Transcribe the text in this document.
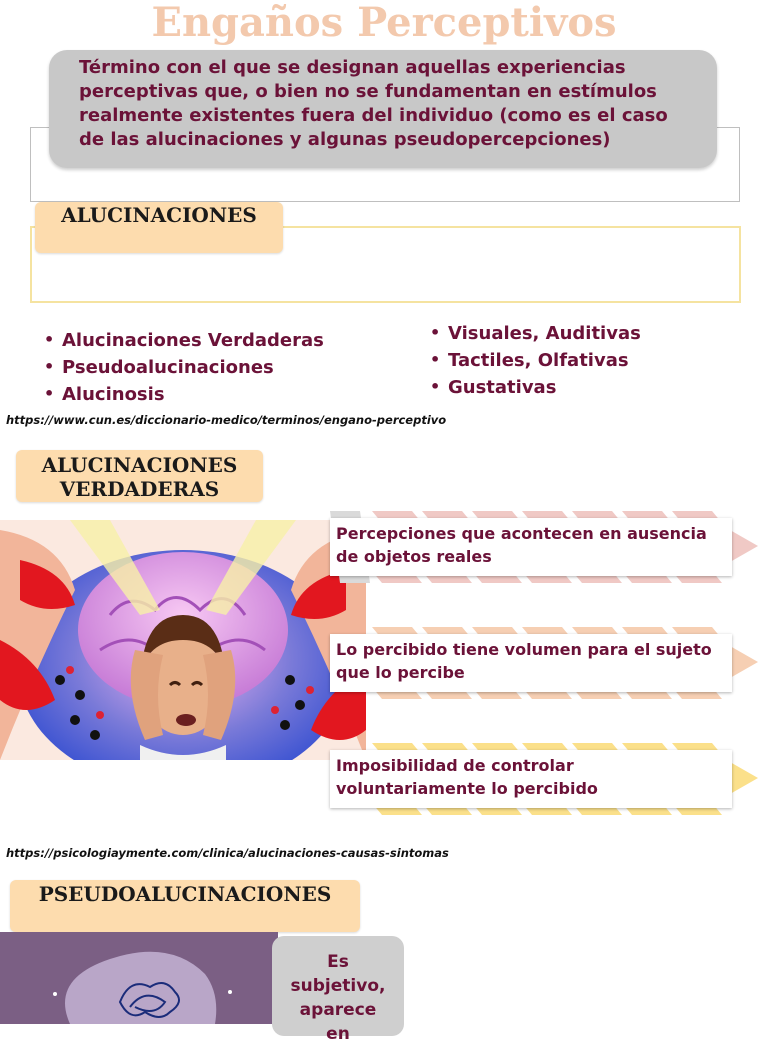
Engaños Perceptivos
Término con el que se designan aquellas experiencias perceptivas que, o bien no se fundamentan en estímulos realmente existentes fuera del individuo (como es el caso de las alucinaciones y algunas pseudopercepciones)
ALUCINACIONES
• Alucinaciones Verdaderas
• Pseudoalucinaciones
• Alucinosis
• Visuales, Auditivas
• Tactiles, Olfativas
• Gustativas
https://www.cun.es/diccionario-medico/terminos/engano-perceptivo
ALUCINACIONES VERDADERAS
Percepciones que acontecen en ausencia de objetos reales
Lo percibido tiene volumen para el sujeto que lo percibe
Imposibilidad de controlar voluntariamente lo percibido
https://psicologiaymente.com/clinica/alucinaciones-causas-sintomas
PSEUDOALUCINACIONES
Es subjetivo, aparece en
